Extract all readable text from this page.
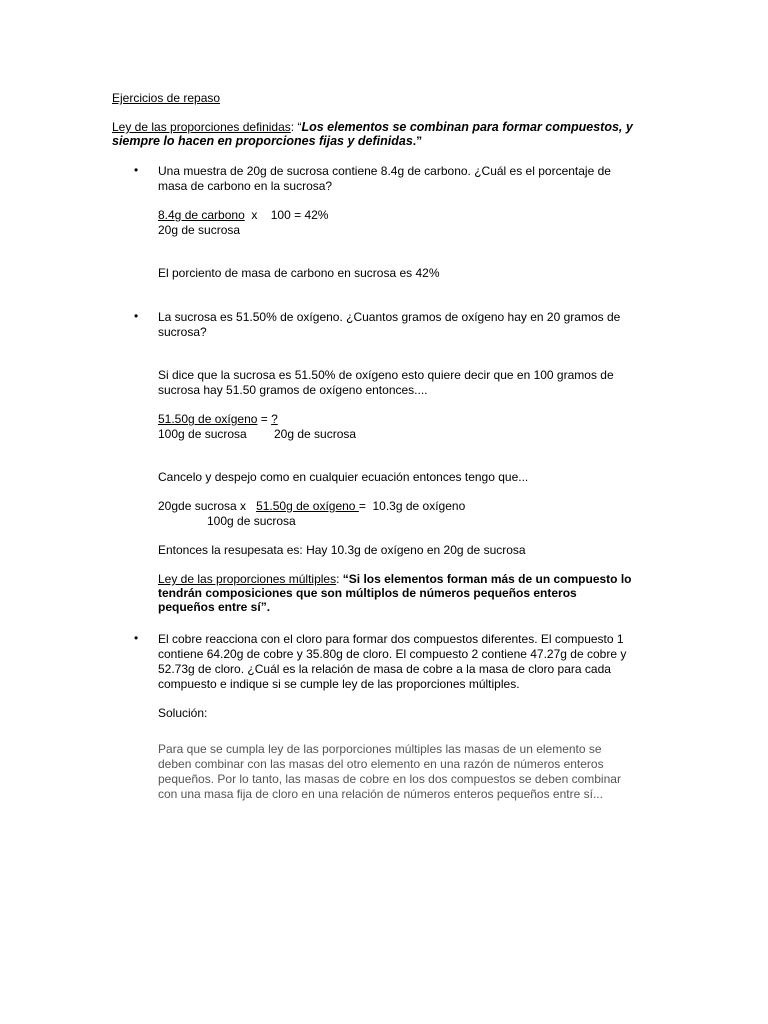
Ejercicios de repaso
Ley de las proporciones definidas: “Los elementos se combinan para formar compuestos, y
siempre lo hacen en proporciones fijas y definidas.”
• Una muestra de 20g de sucrosa contiene 8.4g de carbono. ¿Cuál es el porcentaje de
masa de carbono en la sucrosa?
8.4g de carbono  x    100 = 42%
20g de sucrosa
El porciento de masa de carbono en sucrosa es 42%
• La sucrosa es 51.50% de oxígeno. ¿Cuantos gramos de oxígeno hay en 20 gramos de
sucrosa?
Si dice que la sucrosa es 51.50% de oxígeno esto quiere decir que en 100 gramos de
sucrosa hay 51.50 gramos de oxígeno entonces....
51.50g de oxígeno = ?
100g de sucrosa 20g de sucrosa
Cancelo y despejo como en cualquier ecuación entonces tengo que...
20gde sucrosa x   51.50g de oxígeno =  10.3g de oxígeno
100g de sucrosa
Entonces la resupesata es: Hay 10.3g de oxígeno en 20g de sucrosa
Ley de las proporciones múltiples: “Si los elementos forman más de un compuesto lo
tendrán composiciones que son múltiplos de números pequeños enteros
pequeños entre sí”.
• El cobre reacciona con el cloro para formar dos compuestos diferentes. El compuesto 1
contiene 64.20g de cobre y 35.80g de cloro. El compuesto 2 contiene 47.27g de cobre y
52.73g de cloro. ¿Cuál es la relación de masa de cobre a la masa de cloro para cada
compuesto e indique si se cumple ley de las proporciones múltiples.
Solución:
Para que se cumpla ley de las porporciones múltiples las masas de un elemento se
deben combinar con las masas del otro elemento en una razón de números enteros
pequeños. Por lo tanto, las masas de cobre en los dos compuestos se deben combinar
con una masa fija de cloro en una relación de números enteros pequeños entre sí...
